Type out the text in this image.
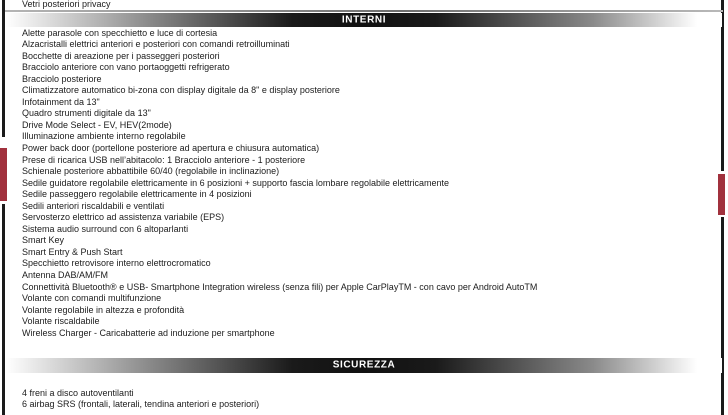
Vetri posteriori privacy
INTERNI
Alette parasole con specchietto e luce di cortesia
Alzacristalli elettrici anteriori e posteriori con comandi retroilluminati
Bocchette di areazione per i passeggeri posteriori
Bracciolo anteriore con vano portaoggetti refrigerato
Bracciolo posteriore
Climatizzatore automatico bi-zona con display digitale da 8" e display posteriore
Infotainment da 13"
Quadro strumenti digitale da 13"
Drive Mode Select - EV, HEV(2mode)
Illuminazione ambiente interno regolabile
Power back door (portellone posteriore ad apertura e chiusura automatica)
Prese di ricarica USB nell’abitacolo: 1 Bracciolo anteriore - 1 posteriore
Schienale posteriore abbattibile 60/40 (regolabile in inclinazione)
Sedile guidatore regolabile elettricamente in 6 posizioni + supporto fascia lombare regolabile elettricamente
Sedile passeggero regolabile elettricamente in 4 posizioni
Sedili anteriori riscaldabili e ventilati
Servosterzo elettrico ad assistenza variabile (EPS)
Sistema audio surround con 6 altoparlanti
Smart Key
Smart Entry & Push Start
Specchietto retrovisore interno elettrocromatico
Antenna DAB/AM/FM
Connettività Bluetooth® e USB- Smartphone Integration wireless (senza fili) per Apple CarPlayTM - con cavo per Android AutoTM
Volante con comandi multifunzione
Volante regolabile in altezza e profondità
Volante riscaldabile
Wireless Charger - Caricabatterie ad induzione per smartphone
SICUREZZA
4 freni a disco autoventilanti
6 airbag SRS (frontali, laterali, tendina anteriori e posteriori)
